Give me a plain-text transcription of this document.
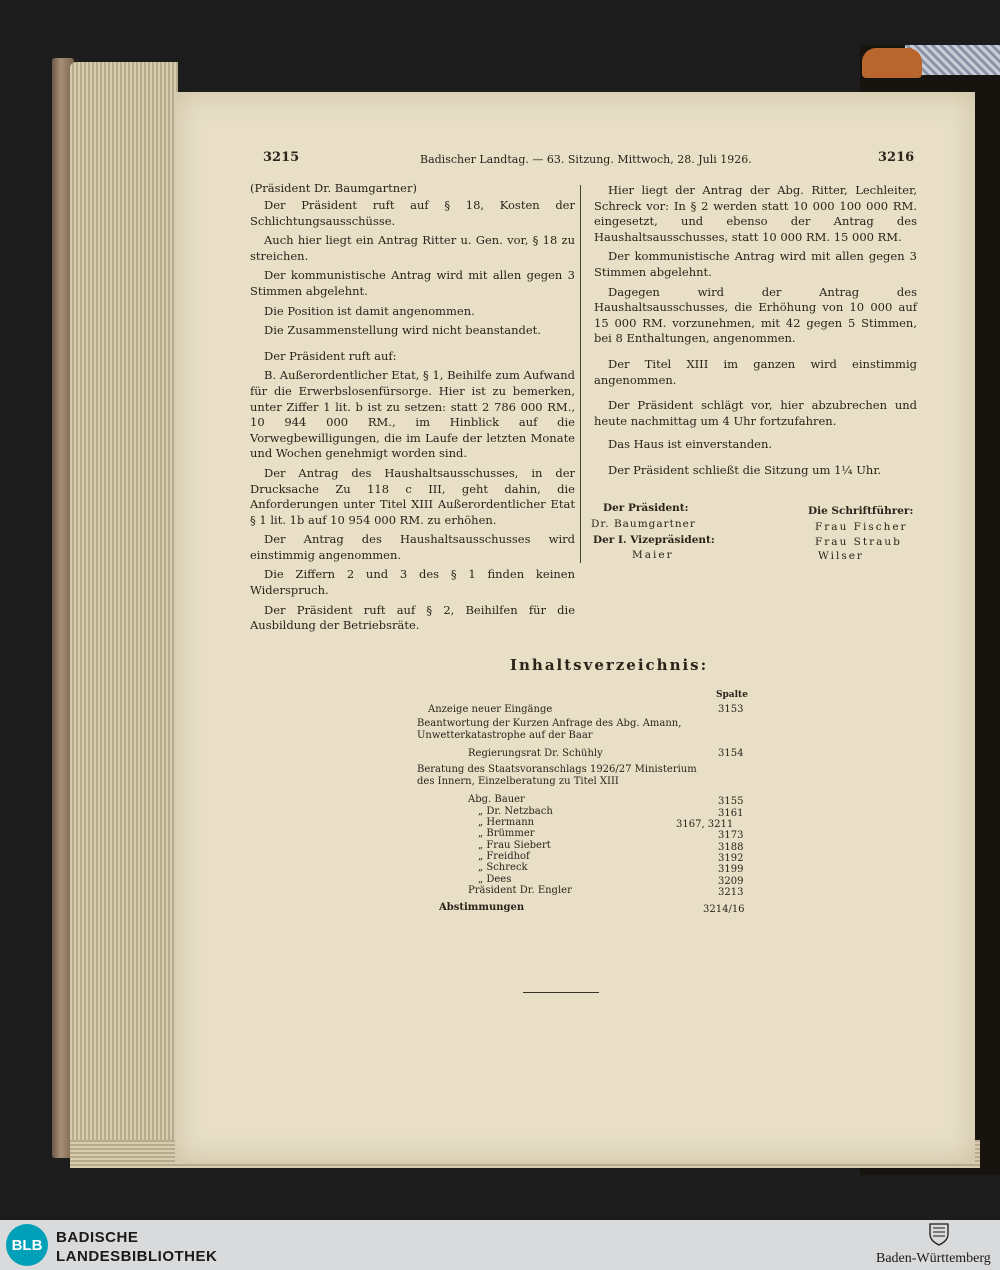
3215	Badischer Landtag. — 63. Sitzung. Mittwoch, 28. Juli 1926.	3216
(Präsident Dr. Baumgartner)

Der Präsident ruft auf § 18, Kosten der Schlichtungsausschüsse.

Auch hier liegt ein Antrag Ritter u. Gen. vor, § 18 zu streichen.

Der kommunistische Antrag wird mit allen gegen 3 Stimmen abgelehnt.

Die Position ist damit angenommen.

Die Zusammenstellung wird nicht beanstandet.

Der Präsident ruft auf:

B. Außerordentlicher Etat, § 1, Beihilfe zum Aufwand für die Erwerbslosenfürsorge. Hier ist zu bemerken, unter Ziffer 1 lit. b ist zu setzen: statt 2 786 000 RM., 10 944 000 RM., im Hinblick auf die Vorwegbewilligungen, die im Laufe der letzten Monate und Wochen genehmigt worden sind.

Der Antrag des Haushaltsausschusses, in der Drucksache Zu 118 c III, geht dahin, die Anforderungen unter Titel XIII Außerordentlicher Etat § 1 lit. 1b auf 10 954 000 RM. zu erhöhen.

Der Antrag des Haushaltsausschusses wird einstimmig angenommen.

Die Ziffern 2 und 3 des § 1 finden keinen Widerspruch.

Der Präsident ruft auf § 2, Beihilfen für die Ausbildung der Betriebsräte.

Hier liegt der Antrag der Abg. Ritter, Lechleiter, Schreck vor: In § 2 werden statt 10 000 100 000 RM. eingesetzt, und ebenso der Antrag des Haushaltsausschusses, statt 10 000 RM. 15 000 RM.

Der kommunistische Antrag wird mit allen gegen 3 Stimmen abgelehnt.

Dagegen wird der Antrag des Haushaltsausschusses, die Erhöhung von 10 000 auf 15 000 RM. vorzunehmen, mit 42 gegen 5 Stimmen, bei 8 Enthaltungen, angenommen.

Der Titel XIII im ganzen wird einstimmig angenommen.

Der Präsident schlägt vor, hier abzubrechen und heute nachmittag um 4 Uhr fortzufahren.

Das Haus ist einverstanden.

Der Präsident schließt die Sitzung um 1¼ Uhr.

Der Präsident:
Dr. Baumgartner
Der I. Vizepräsident:
Maier
Die Schriftführer:
Frau Fischer
Frau Straub
Wilser
Inhaltsverzeichnis:
Spalte
Anzeige neuer Eingänge	3153
Beantwortung der Kurzen Anfrage des Abg. Amann, Unwetterkatastrophe auf der Baar
Regierungsrat Dr. Schühly	3154
Beratung des Staatsvoranschlags 1926/27 Ministerium des Innern, Einzelberatung zu Titel XIII
Abg. Bauer	3155
„ Dr. Netzbach	3161
„ Hermann	3167, 3211
„ Brümmer	3173
„ Frau Siebert	3188
„ Freidhof	3192
„ Schreck	3199
„ Dees	3209
Präsident Dr. Engler	3213
Abstimmungen	3214/16
BLB BADISCHE
LANDESBIBLIOTHEK	Baden-Württemberg
